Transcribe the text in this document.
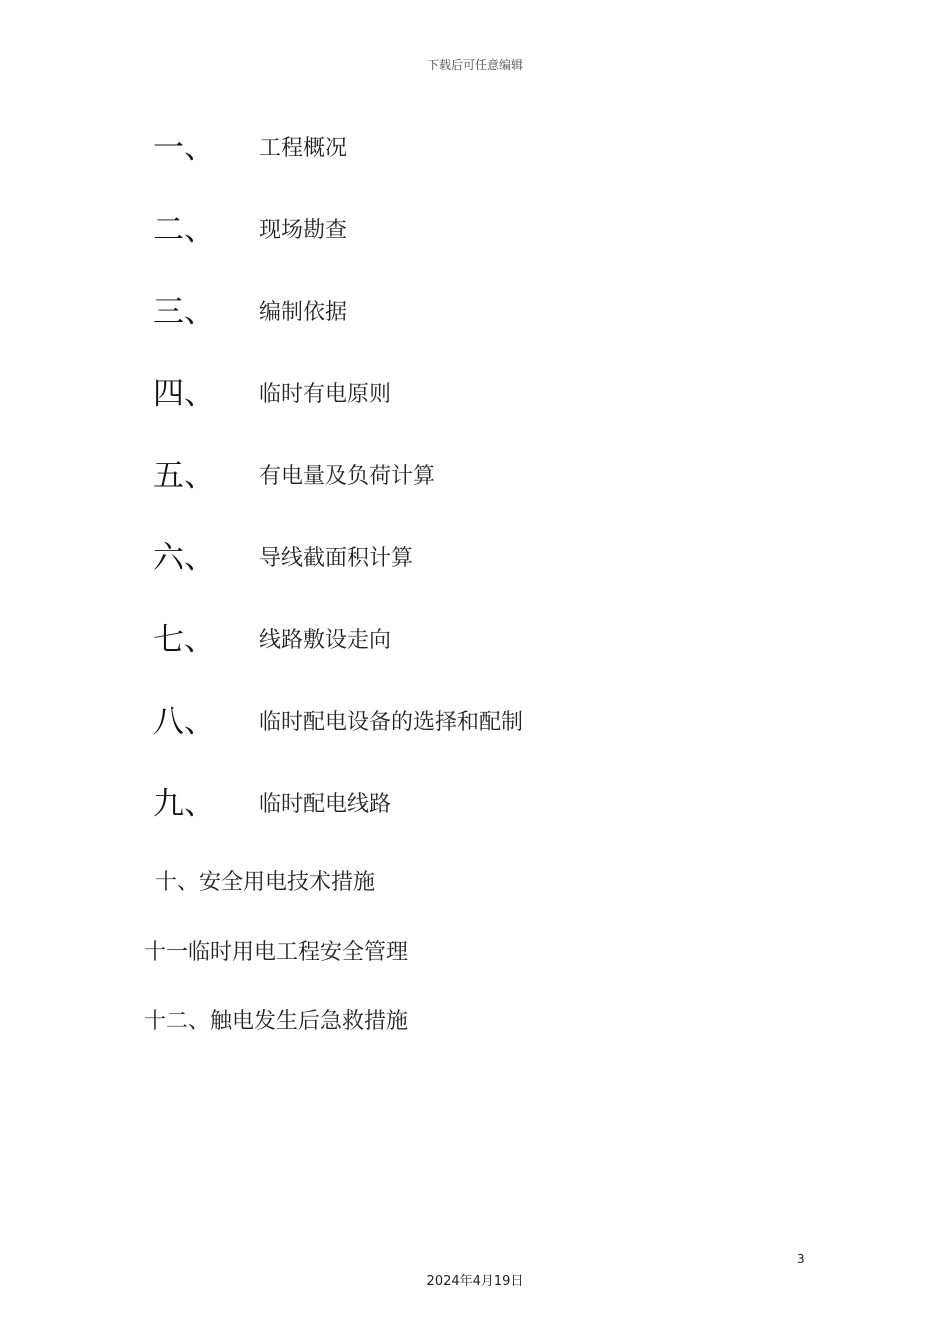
下载后可任意编辑
一、 工程概况
二、 现场勘查
三、 编制依据
四、 临时有电原则
五、 有电量及负荷计算
六、 导线截面积计算
七、 线路敷设走向
八、 临时配电设备的选择和配制
九、 临时配电线路
十、安全用电技术措施
十一临时用电工程安全管理
十二、触电发生后急救措施
3
2024年4月19日
